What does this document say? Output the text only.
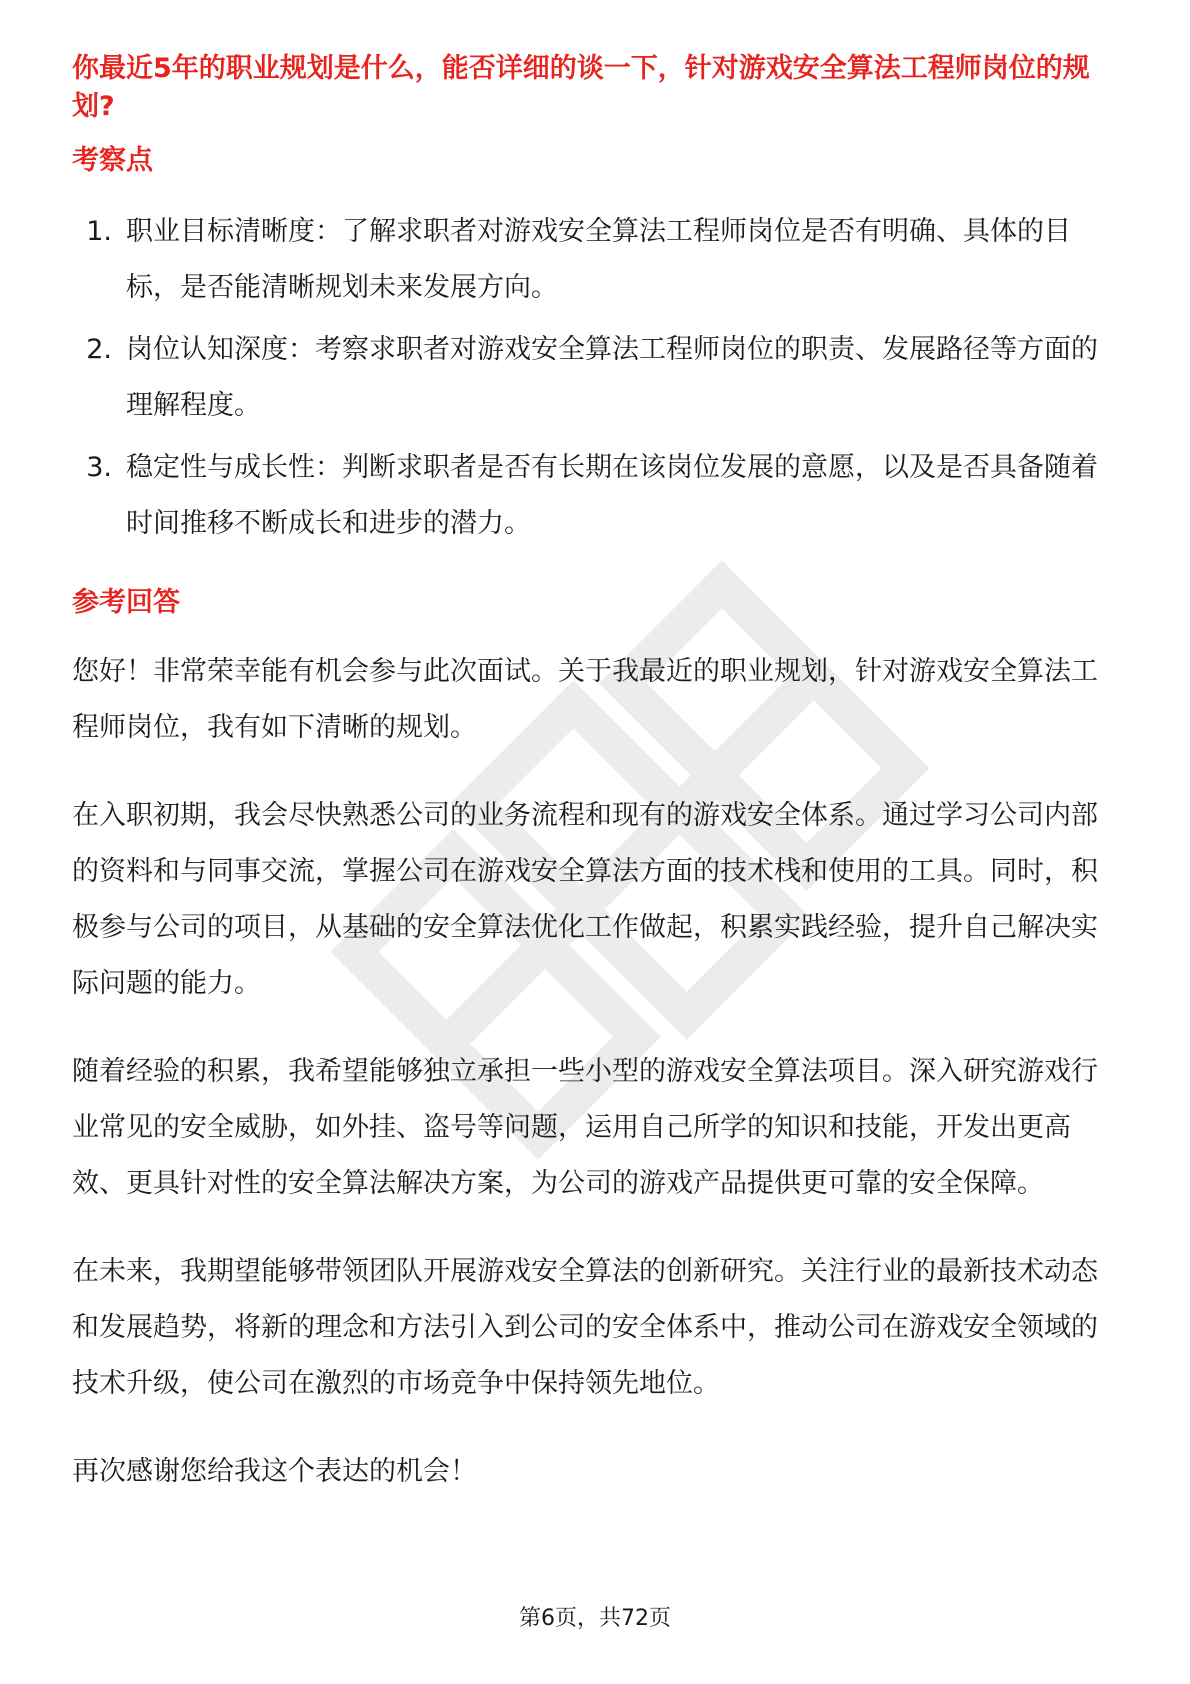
你最近5年的职业规划是什么，能否详细的谈一下，针对游戏安全算法工程师岗位的规划?

考察点

1. 职业目标清晰度：了解求职者对游戏安全算法工程师岗位是否有明确、具体的目标，是否能清晰规划未来发展方向。
2. 岗位认知深度：考察求职者对游戏安全算法工程师岗位的职责、发展路径等方面的理解程度。
3. 稳定性与成长性：判断求职者是否有长期在该岗位发展的意愿，以及是否具备随着时间推移不断成长和进步的潜力。

参考回答

您好！非常荣幸能有机会参与此次面试。关于我最近的职业规划，针对游戏安全算法工程师岗位，我有如下清晰的规划。

在入职初期，我会尽快熟悉公司的业务流程和现有的游戏安全体系。通过学习公司内部的资料和与同事交流，掌握公司在游戏安全算法方面的技术栈和使用的工具。同时，积极参与公司的项目，从基础的安全算法优化工作做起，积累实践经验，提升自己解决实际问题的能力。

随着经验的积累，我希望能够独立承担一些小型的游戏安全算法项目。深入研究游戏行业常见的安全威胁，如外挂、盗号等问题，运用自己所学的知识和技能，开发出更高效、更具针对性的安全算法解决方案，为公司的游戏产品提供更可靠的安全保障。

在未来，我期望能够带领团队开展游戏安全算法的创新研究。关注行业的最新技术动态和发展趋势，将新的理念和方法引入到公司的安全体系中，推动公司在游戏安全领域的技术升级，使公司在激烈的市场竞争中保持领先地位。

再次感谢您给我这个表达的机会！

第6页，共72页
